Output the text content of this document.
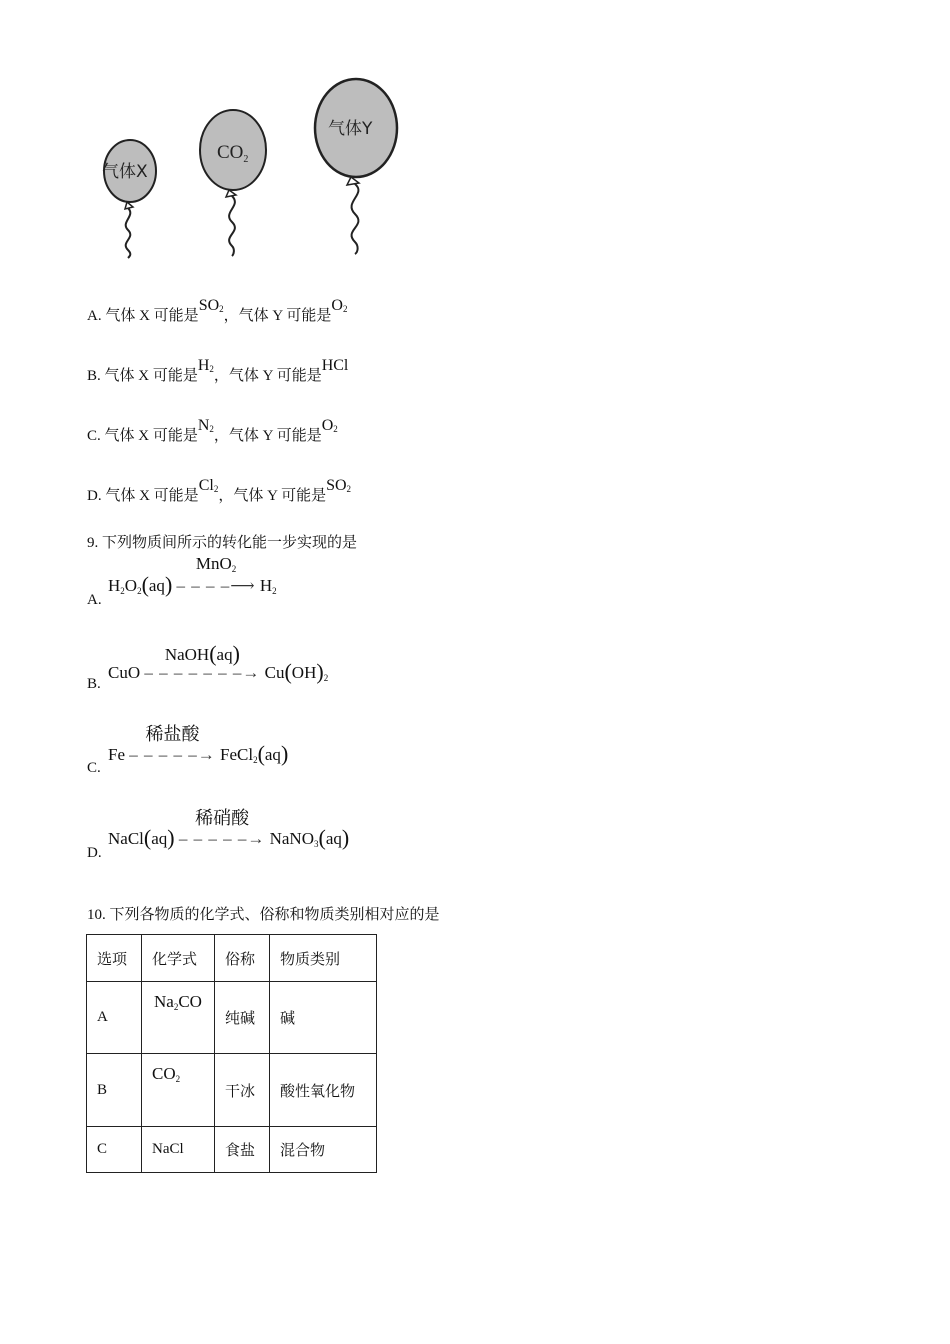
气体X
$CO_2$
气体Y
A. 气体 X 可能是$SO_2$，气体 Y 可能是$O_2$
B. 气体 X 可能是$H_2$，气体 Y 可能是HCl
C. 气体 X 可能是$N_2$，气体 Y 可能是$O_2$
D. 气体 X 可能是$Cl_2$，气体 Y 可能是$SO_2$
9. 下列物质间所示的转化能一步实现的是
A.
$H_2O_2(aq)$
MnO$_2$
– – – –⟶ $H_2$
B.
CuO
NaOH(aq)
– – – – – – –→ $Cu(OH)_2$
C.
Fe
稀盐酸
– – – – –→ FeCl$_2$(aq)
D.
NaCl(aq)
稀硝酸
– – – – –→ NaNO$_3$(aq)
10. 下列各物质的化学式、俗称和物质类别相对应的是
选项	化学式	俗称	物质类别
A	$Na_2CO$	纯碱	碱
B	$CO_2$	干冰	酸性氧化物
C	NaCl	食盐	混合物
